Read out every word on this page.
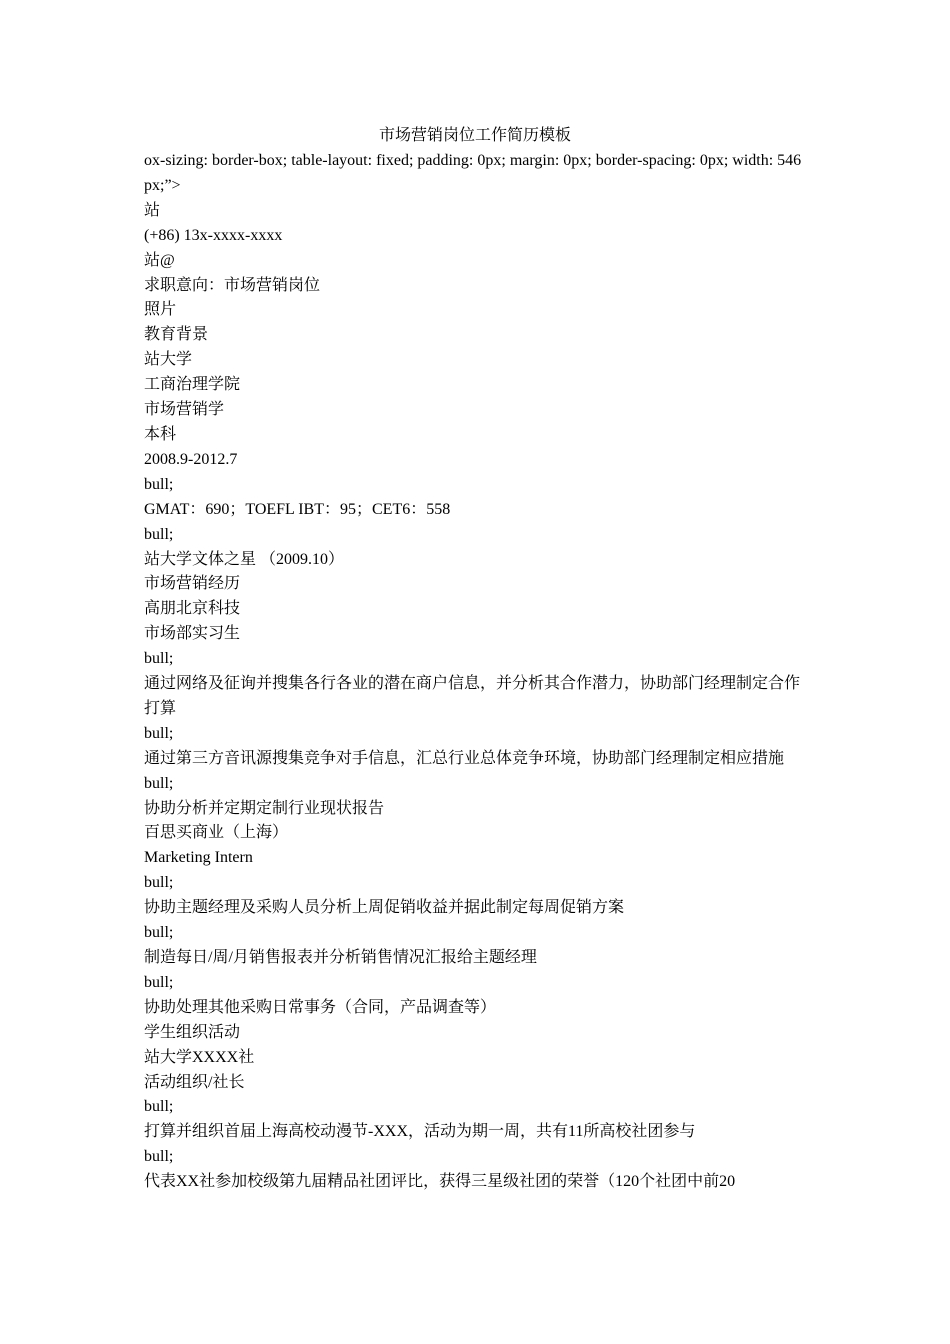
市场营销岗位工作简历模板
ox-sizing: border-box; table-layout: fixed; padding: 0px; margin: 0px; border-spacing: 0px; width: 546px;”>
站
(+86) 13x-xxxx-xxxx
站@
求职意向：市场营销岗位
照片
教育背景
站大学
工商治理学院
市场营销学
本科
2008.9-2012.7
bull;
GMAT：690；TOEFL IBT：95；CET6：558
bull;
站大学文体之星 （2009.10）
市场营销经历
高朋北京科技
市场部实习生
bull;
通过网络及征询并搜集各行各业的潜在商户信息，并分析其合作潜力，协助部门经理制定合作打算
bull;
通过第三方音讯源搜集竞争对手信息，汇总行业总体竞争环境，协助部门经理制定相应措施
bull;
协助分析并定期定制行业现状报告
百思买商业（上海）
Marketing Intern
bull;
协助主题经理及采购人员分析上周促销收益并据此制定每周促销方案
bull;
制造每日/周/月销售报表并分析销售情况汇报给主题经理
bull;
协助处理其他采购日常事务（合同，产品调查等）
学生组织活动
站大学XXXX社
活动组织/社长
bull;
打算并组织首届上海高校动漫节-XXX，活动为期一周，共有11所高校社团参与
bull;
代表XX社参加校级第九届精品社团评比，获得三星级社团的荣誉（120个社团中前20
